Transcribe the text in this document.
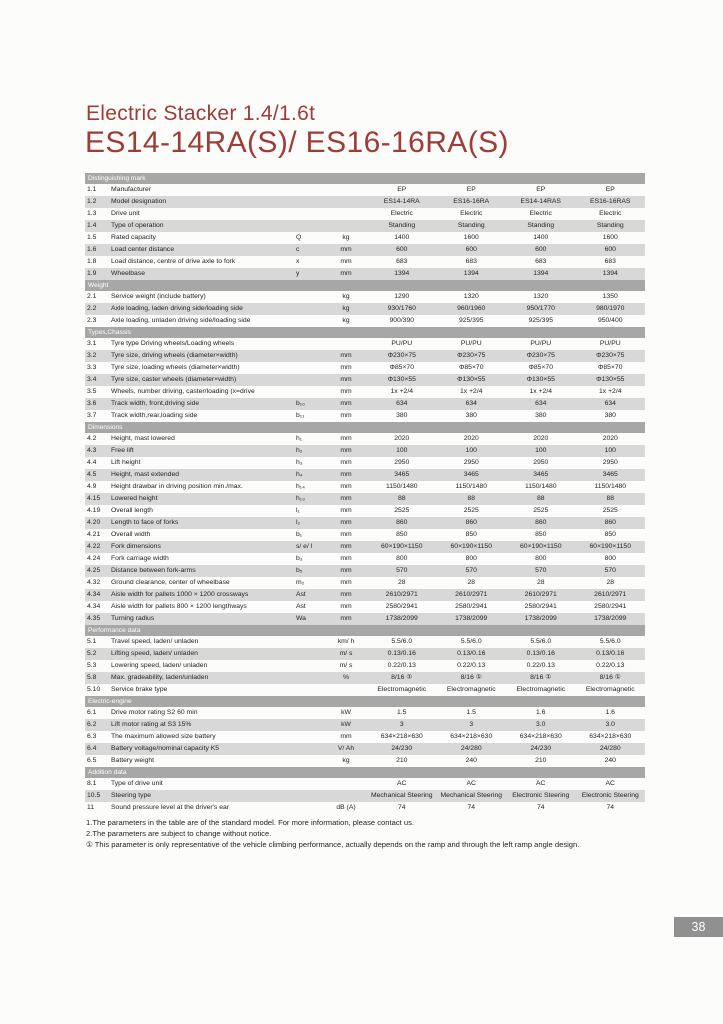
Electric Stacker 1.4/1.6t
ES14-14RA(S)/ ES16-16RA(S)
Distinguishing mark
1.1	Manufacturer	EP	EP	EP	EP
1.2	Model designation	ES14-14RA	ES16-16RA	ES14-14RAS	ES16-16RAS
1.3	Drive unit	Electric	Electric	Electric	Electric
1.4	Type of operation	Standing	Standing	Standing	Standing
1.5	Rated capacity	Q	kg	1400	1600	1400	1600
1.6	Load center distance	c	mm	600	600	600	600
1.8	Load distance, centre of drive axle to fork	x	mm	683	683	683	683
1.9	Wheelbase	y	mm	1394	1394	1394	1394
Weight
2.1	Service weight (include battery)	kg	1290	1320	1320	1350
2.2	Axle loading, laden driving side/loading side	kg	930/1760	960/1960	950/1770	980/1970
2.3	Axle loading, unladen driving side/loading side	kg	900/390	925/395	925/395	950/400
Types,Chassis
3.1	Tyre type Driving wheels/Loading wheels	PU/PU	PU/PU	PU/PU	PU/PU
3.2	Tyre size, driving wheels (diameter×width)	mm	Φ230×75	Φ230×75	Φ230×75	Φ230×75
3.3	Tyre size, loading wheels (diameter×width)	mm	Φ85×70	Φ85×70	Φ85×70	Φ85×70
3.4	Tyre size, caster wheels (diameter×width)	mm	Φ130×55	Φ130×55	Φ130×55	Φ130×55
3.5	Wheels, number driving, caster/loading (x=drive	mm	1x +2/4	1x +2/4	1x +2/4	1x +2/4
3.6	Track width, front,driving side	b₁₀	mm	634	634	634	634
3.7	Track width,rear,loading side	b₁₁	mm	380	380	380	380
Dimensions
4.2	Height, mast lowered	h₁	mm	2020	2020	2020	2020
4.3	Free lift	h₂	mm	100	100	100	100
4.4	Lift height	h₃	mm	2950	2950	2950	2950
4.5	Height, mast extended	h₄	mm	3465	3465	3465	3465
4.9	Height drawbar in driving position min./max.	h₁₄	mm	1150/1480	1150/1480	1150/1480	1150/1480
4.15	Lowered height	h₁₃	mm	88	88	88	88
4.19	Overall length	l₁	mm	2525	2525	2525	2525
4.20	Length to face of forks	l₂	mm	860	860	860	860
4.21	Overall width	b₁	mm	850	850	850	850
4.22	Fork dimensions	s/ e/ l	mm	60×190×1150	60×190×1150	60×190×1150	60×190×1150
4.24	Fork carriage width	b₃	mm	800	800	800	800
4.25	Distance between fork-arms	b₅	mm	570	570	570	570
4.32	Ground clearance, center of wheelbase	m₂	mm	28	28	28	28
4.34	Aisle width for pallets 1000 × 1200 crossways	Ast	mm	2610/2971	2610/2971	2610/2971	2610/2971
4.34	Aisle width for pallets 800 × 1200 lengthways	Ast	mm	2580/2941	2580/2941	2580/2941	2580/2941
4.35	Turning radius	Wa	mm	1738/2099	1738/2099	1738/2099	1738/2099
Performance data
5.1	Travel speed, laden/ unladen	km/ h	5.5/6.0	5.5/6.0	5.5/6.0	5.5/6.0
5.2	Lifting speed, laden/ unladen	m/ s	0.13/0.16	0.13/0.16	0.13/0.16	0.13/0.16
5.3	Lowering speed, laden/ unladen	m/ s	0.22/0.13	0.22/0.13	0.22/0.13	0.22/0.13
5.8	Max. gradeability, laden/unladen	%	8/16 ①	8/16 ①	8/16 ①	8/16 ①
5.10	Service brake type	Electromagnetic	Electromagnetic	Electromagnetic	Electromagnetic
Electric-engine
6.1	Drive motor rating S2 60 min	kW	1.5	1.5	1.6	1.6
6.2	Lift motor rating at S3 15%	kW	3	3	3.0	3.0
6.3	The maximum allowed size battery	mm	634×218×630	634×218×630	634×218×630	634×218×630
6.4	Battery voltage/nominal capacity K5	V/ Ah	24/230	24/280	24/230	24/280
6.5	Battery weight	kg	210	240	210	240
Addition data
8.1	Type of drive unit	AC	AC	AC	AC
10.5	Steering type	Mechanical Steering	Mechanical Steering	Electronic Steering	Electronic Steering
11	Sound pressure level at the driver's ear	dB (A)	74	74	74	74
1.The parameters in the table are of the standard model. For more information, please contact us.
2.The parameters are subject to change without notice.
① This parameter is only representative of the vehicle climbing performance, actually depends on the ramp and through the left ramp angle design.
38
